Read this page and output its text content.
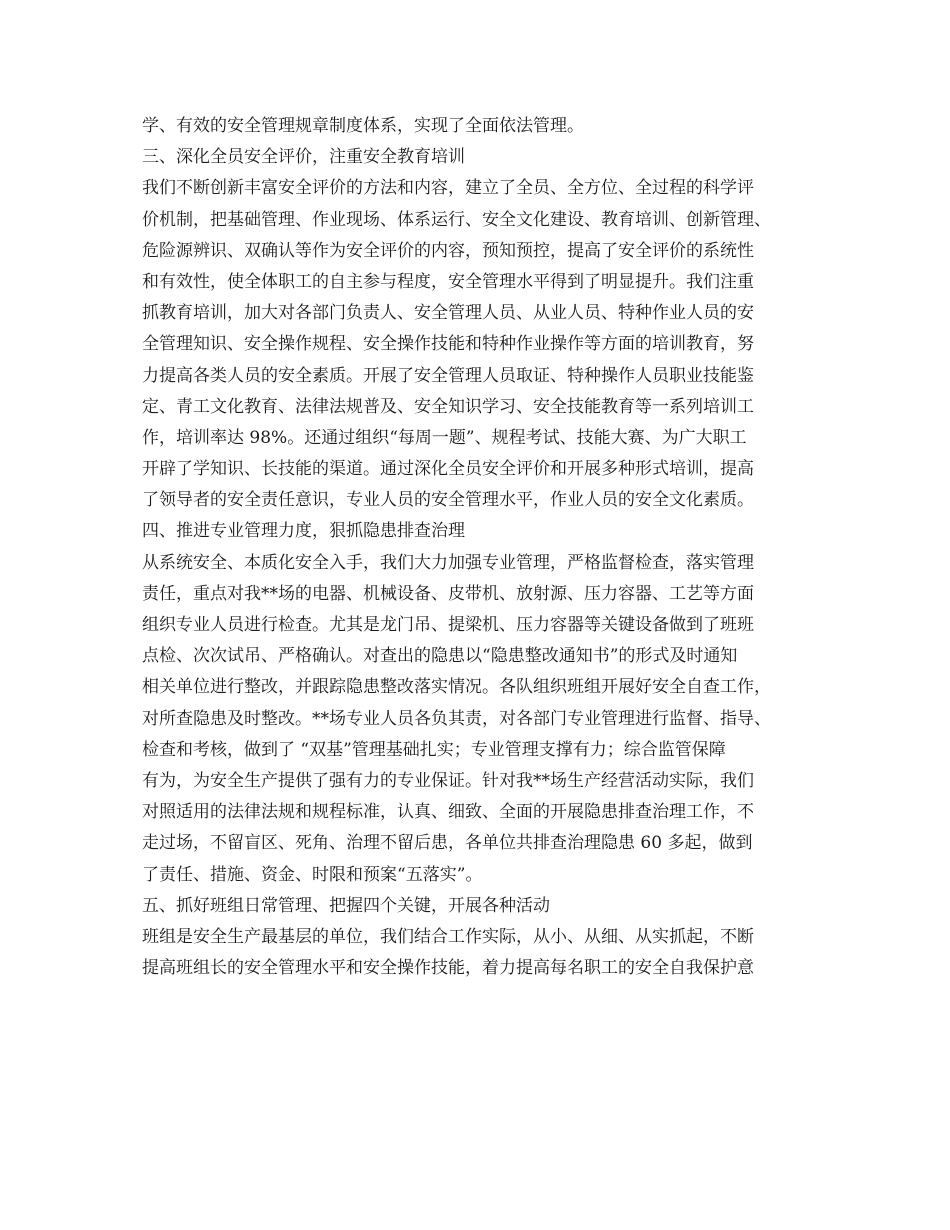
学、有效的安全管理规章制度体系，实现了全面依法管理。
三、深化全员安全评价，注重安全教育培训
我们不断创新丰富安全评价的方法和内容，建立了全员、全方位、全过程的科学评
价机制，把基础管理、作业现场、体系运行、安全文化建设、教育培训、创新管理、
危险源辨识、双确认等作为安全评价的内容，预知预控，提高了安全评价的系统性
和有效性，使全体职工的自主参与程度，安全管理水平得到了明显提升。我们注重
抓教育培训，加大对各部门负责人、安全管理人员、从业人员、特种作业人员的安
全管理知识、安全操作规程、安全操作技能和特种作业操作等方面的培训教育，努
力提高各类人员的安全素质。开展了安全管理人员取证、特种操作人员职业技能鉴
定、青工文化教育、法律法规普及、安全知识学习、安全技能教育等一系列培训工
作，培训率达 98%。还通过组织“每周一题”、规程考试、技能大赛、为广大职工
开辟了学知识、长技能的渠道。通过深化全员安全评价和开展多种形式培训，提高
了领导者的安全责任意识，专业人员的安全管理水平，作业人员的安全文化素质。
四、推进专业管理力度，狠抓隐患排查治理
从系统安全、本质化安全入手，我们大力加强专业管理，严格监督检查，落实管理
责任，重点对我**场的电器、机械设备、皮带机、放射源、压力容器、工艺等方面
组织专业人员进行检查。尤其是龙门吊、提梁机、压力容器等关键设备做到了班班
点检、次次试吊、严格确认。对查出的隐患以“隐患整改通知书”的形式及时通知
相关单位进行整改，并跟踪隐患整改落实情况。各队组织班组开展好安全自查工作，
对所查隐患及时整改。**场专业人员各负其责，对各部门专业管理进行监督、指导、
检查和考核，做到了 “双基”管理基础扎实；专业管理支撑有力；综合监管保障
有为，为安全生产提供了强有力的专业保证。针对我**场生产经营活动实际，我们
对照适用的法律法规和规程标准，认真、细致、全面的开展隐患排查治理工作，不
走过场，不留盲区、死角、治理不留后患，各单位共排查治理隐患 60 多起，做到
了责任、措施、资金、时限和预案“五落实”。
五、抓好班组日常管理、把握四个关键，开展各种活动
班组是安全生产最基层的单位，我们结合工作实际，从小、从细、从实抓起，不断
提高班组长的安全管理水平和安全操作技能，着力提高每名职工的安全自我保护意
